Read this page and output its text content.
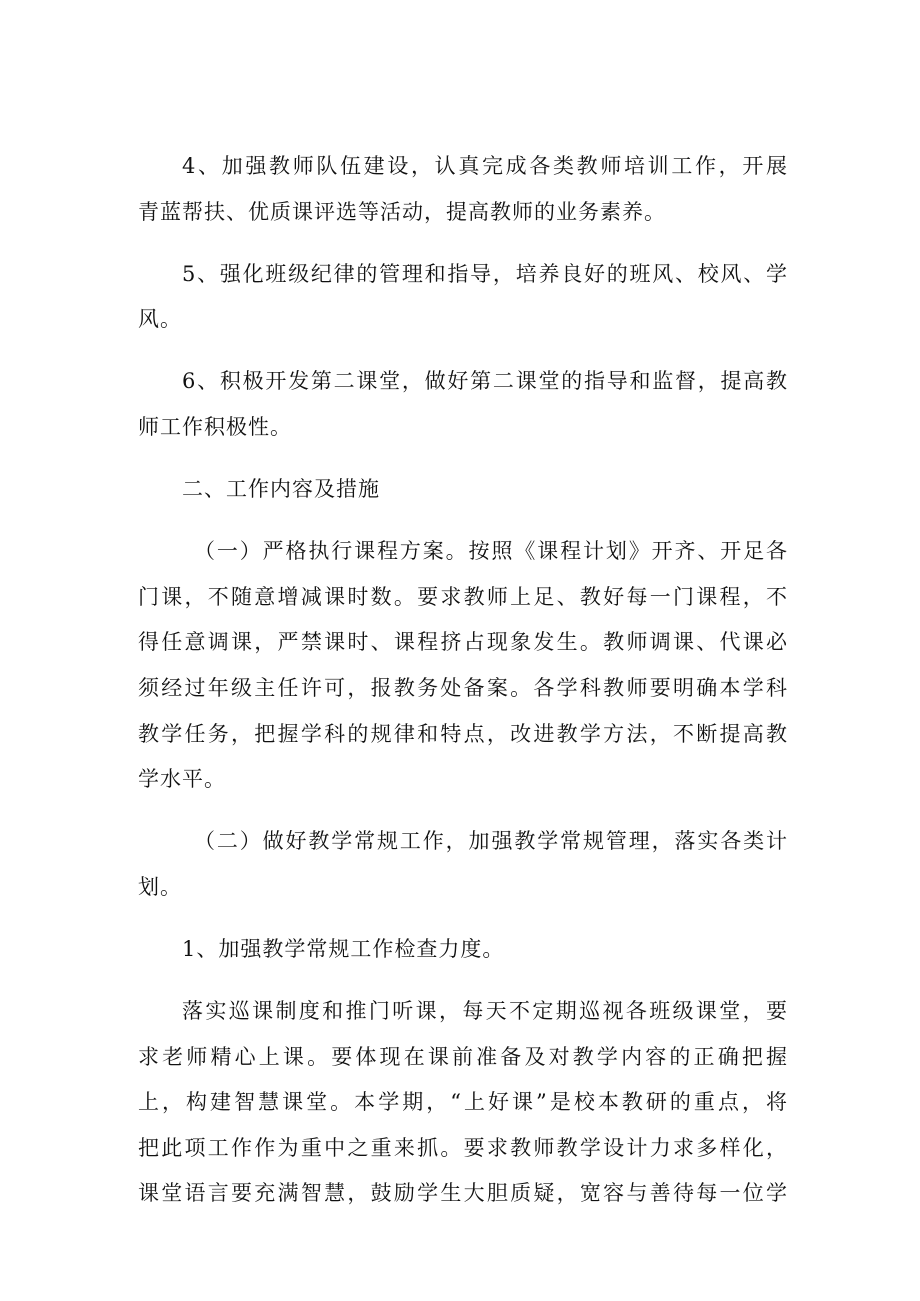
4、加强教师队伍建设，认真完成各类教师培训工作，开展
青蓝帮扶、优质课评选等活动，提高教师的业务素养。

5、强化班级纪律的管理和指导，培养良好的班风、校风、学
风。

6、积极开发第二课堂，做好第二课堂的指导和监督，提高教
师工作积极性。

二、工作内容及措施

（一）严格执行课程方案。按照《课程计划》开齐、开足各
门课，不随意增减课时数。要求教师上足、教好每一门课程，不
得任意调课，严禁课时、课程挤占现象发生。教师调课、代课必
须经过年级主任许可，报教务处备案。各学科教师要明确本学科
教学任务，把握学科的规律和特点，改进教学方法，不断提高教
学水平。

（二）做好教学常规工作，加强教学常规管理，落实各类计
划。

1、加强教学常规工作检查力度。

落实巡课制度和推门听课，每天不定期巡视各班级课堂，要
求老师精心上课。要体现在课前准备及对教学内容的正确把握
上，构建智慧课堂。本学期，“上好课”是校本教研的重点，将
把此项工作作为重中之重来抓。要求教师教学设计力求多样化，
课堂语言要充满智慧，鼓励学生大胆质疑，宽容与善待每一位学
